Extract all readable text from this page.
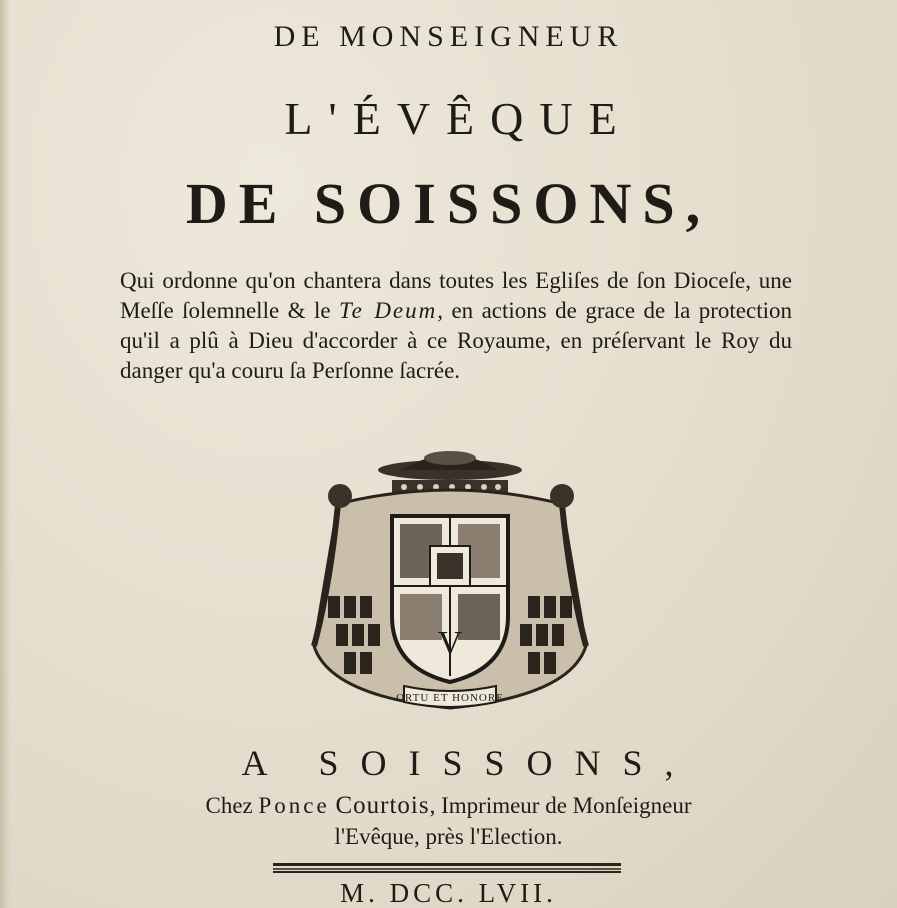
DE MONSEIGNEUR
L'ÉVÊQUE
DE SOISSONS,
Qui ordonne qu'on chantera dans toutes les Egliſes de ſon Dioceſe, une Meſſe ſolemnelle & le Te Deum, en actions de grace de la protection qu'il a plû à Dieu d'accorder à ce Royaume, en préſervant le Roy du danger qu'a couru ſa Perſonne ſacrée.
V
ORTU ET HONORE
A SOISSONS,
Chez Ponce Courtois, Imprimeur de Monſeigneur
l'Evêque, près l'Election.
M. DCC. LVII.
